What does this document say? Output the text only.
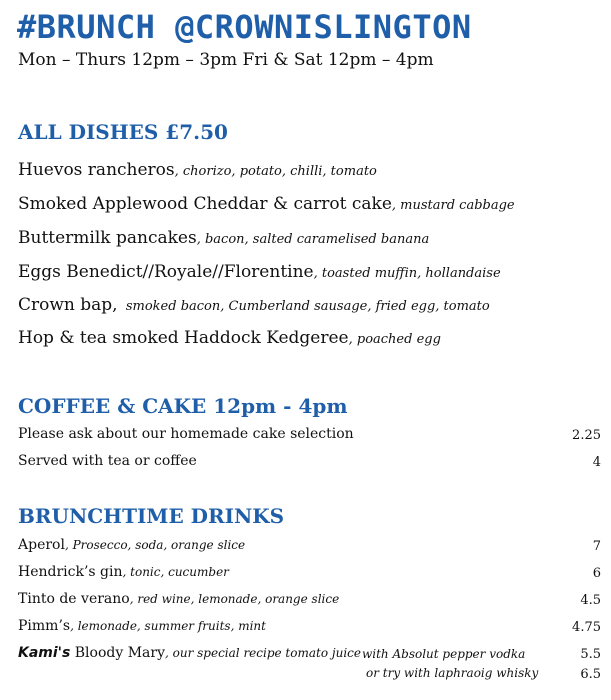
#BRUNCH @CROWNISLINGTON
Mon – Thurs 12pm – 3pm Fri & Sat 12pm – 4pm
ALL DISHES £7.50
Huevos rancheros, chorizo, potato, chilli, tomato
Smoked Applewood Cheddar & carrot cake, mustard cabbage
Buttermilk pancakes, bacon, salted caramelised banana
Eggs Benedict//Royale//Florentine, toasted muffin, hollandaise
Crown bap,  smoked bacon, Cumberland sausage, fried egg, tomato
Hop & tea smoked Haddock Kedgeree, poached egg
COFFEE & CAKE 12pm - 4pm
Please ask about our homemade cake selection	2.25
Served with tea or coffee	4
BRUNCHTIME DRINKS
Aperol, Prosecco, soda, orange slice	7
Hendrick’s gin, tonic, cucumber	6
Tinto de verano, red wine, lemonade, orange slice	4.5
Pimm’s, lemonade, summer fruits, mint	4.75
Kami's Bloody Mary, our special recipe tomato juice with Absolut pepper vodka	5.5
or try with laphraoig whisky	6.5
